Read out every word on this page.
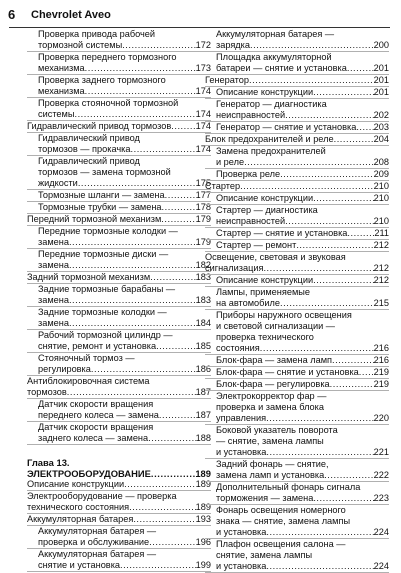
6 Chevrolet Aveo
Проверка привода рабочей
тормозной системы . . .	172
Проверка переднего тормозного
механизма . . .	173
Проверка заднего тормозного
механизма . . .	174
Проверка стояночной тормозной
системы . . .	174
Гидравлический привод тормозов . . .	174
Гидравлический привод
тормозов — прокачка . . .	174
Гидравлический привод
тормозов — замена тормозной
жидкости . . .	175
Тормозные шланги — замена . . .	177
Тормозные трубки — замена . . .	178
Передний тормозной механизм . . .	179
Передние тормозные колодки —
замена . . .	179
Передние тормозные диски —
замена . . .	182
Задний тормозной механизм . . .	183
Задние тормозные барабаны —
замена . . .	183
Задние тормозные колодки —
замена . . .	184
Рабочий тормозной цилиндр —
снятие, ремонт и установка . . .	185
Стояночный тормоз —
регулировка . . .	186
Антиблокировочная система
тормозов . . .	187
Датчик скорости вращения
переднего колеса — замена . . .	187
Датчик скорости вращения
заднего колеса — замена . . .	188
Глава 13.
ЭЛЕКТРООБОРУДОВАНИЕ . . .	189
Описание конструкции . . .	189
Электрооборудование — проверка
технического состояния . . .	189
Аккумуляторная батарея . . .	193
Аккумуляторная батарея —
проверка и обслуживание . . .	196
Аккумуляторная батарея —
снятие и установка . . .	199
Аккумуляторная батарея —
зарядка . . .	200
Площадка аккумуляторной
батареи — снятие и установка . . .	201
Генератор . . .	201
Описание конструкции . . .	201
Генератор — диагностика
неисправностей . . .	202
Генератор — снятие и установка . . . 203
Блок предохранителей и реле . . .	204
Замена предохранителей
и реле . . .	208
Проверка реле . . .	209
Стартер . . .	210
Описание конструкции . . .	210
Стартер — диагностика
неисправностей . . .	210
Стартер — снятие и установка . . .	211
Стартер — ремонт . . .	212
Освещение, световая и звуковая
сигнализация . . .	212
Описание конструкции . . .	212
Лампы, применяемые
на автомобиле . . .	215
Приборы наружного освещения
и световой сигнализации —
проверка технического
состояния . . .	216
Блок-фара — замена ламп . . .	216
Блок-фара — снятие и установка . . . 219
Блок-фара — регулировка . . .	219
Электрокорректор фар —
проверка и замена блока
управления . . .	220
Боковой указатель поворота
— снятие, замена лампы
и установка . . .	221
Задний фонарь — снятие,
замена ламп и установка . . .	222
Дополнительный фонарь сигнала
торможения — замена . . .	223
Фонарь освещения номерного
знака — снятие, замена лампы
и установка . . .	224
Плафон освещения салона —
снятие, замена лампы
и установка . . .	224
